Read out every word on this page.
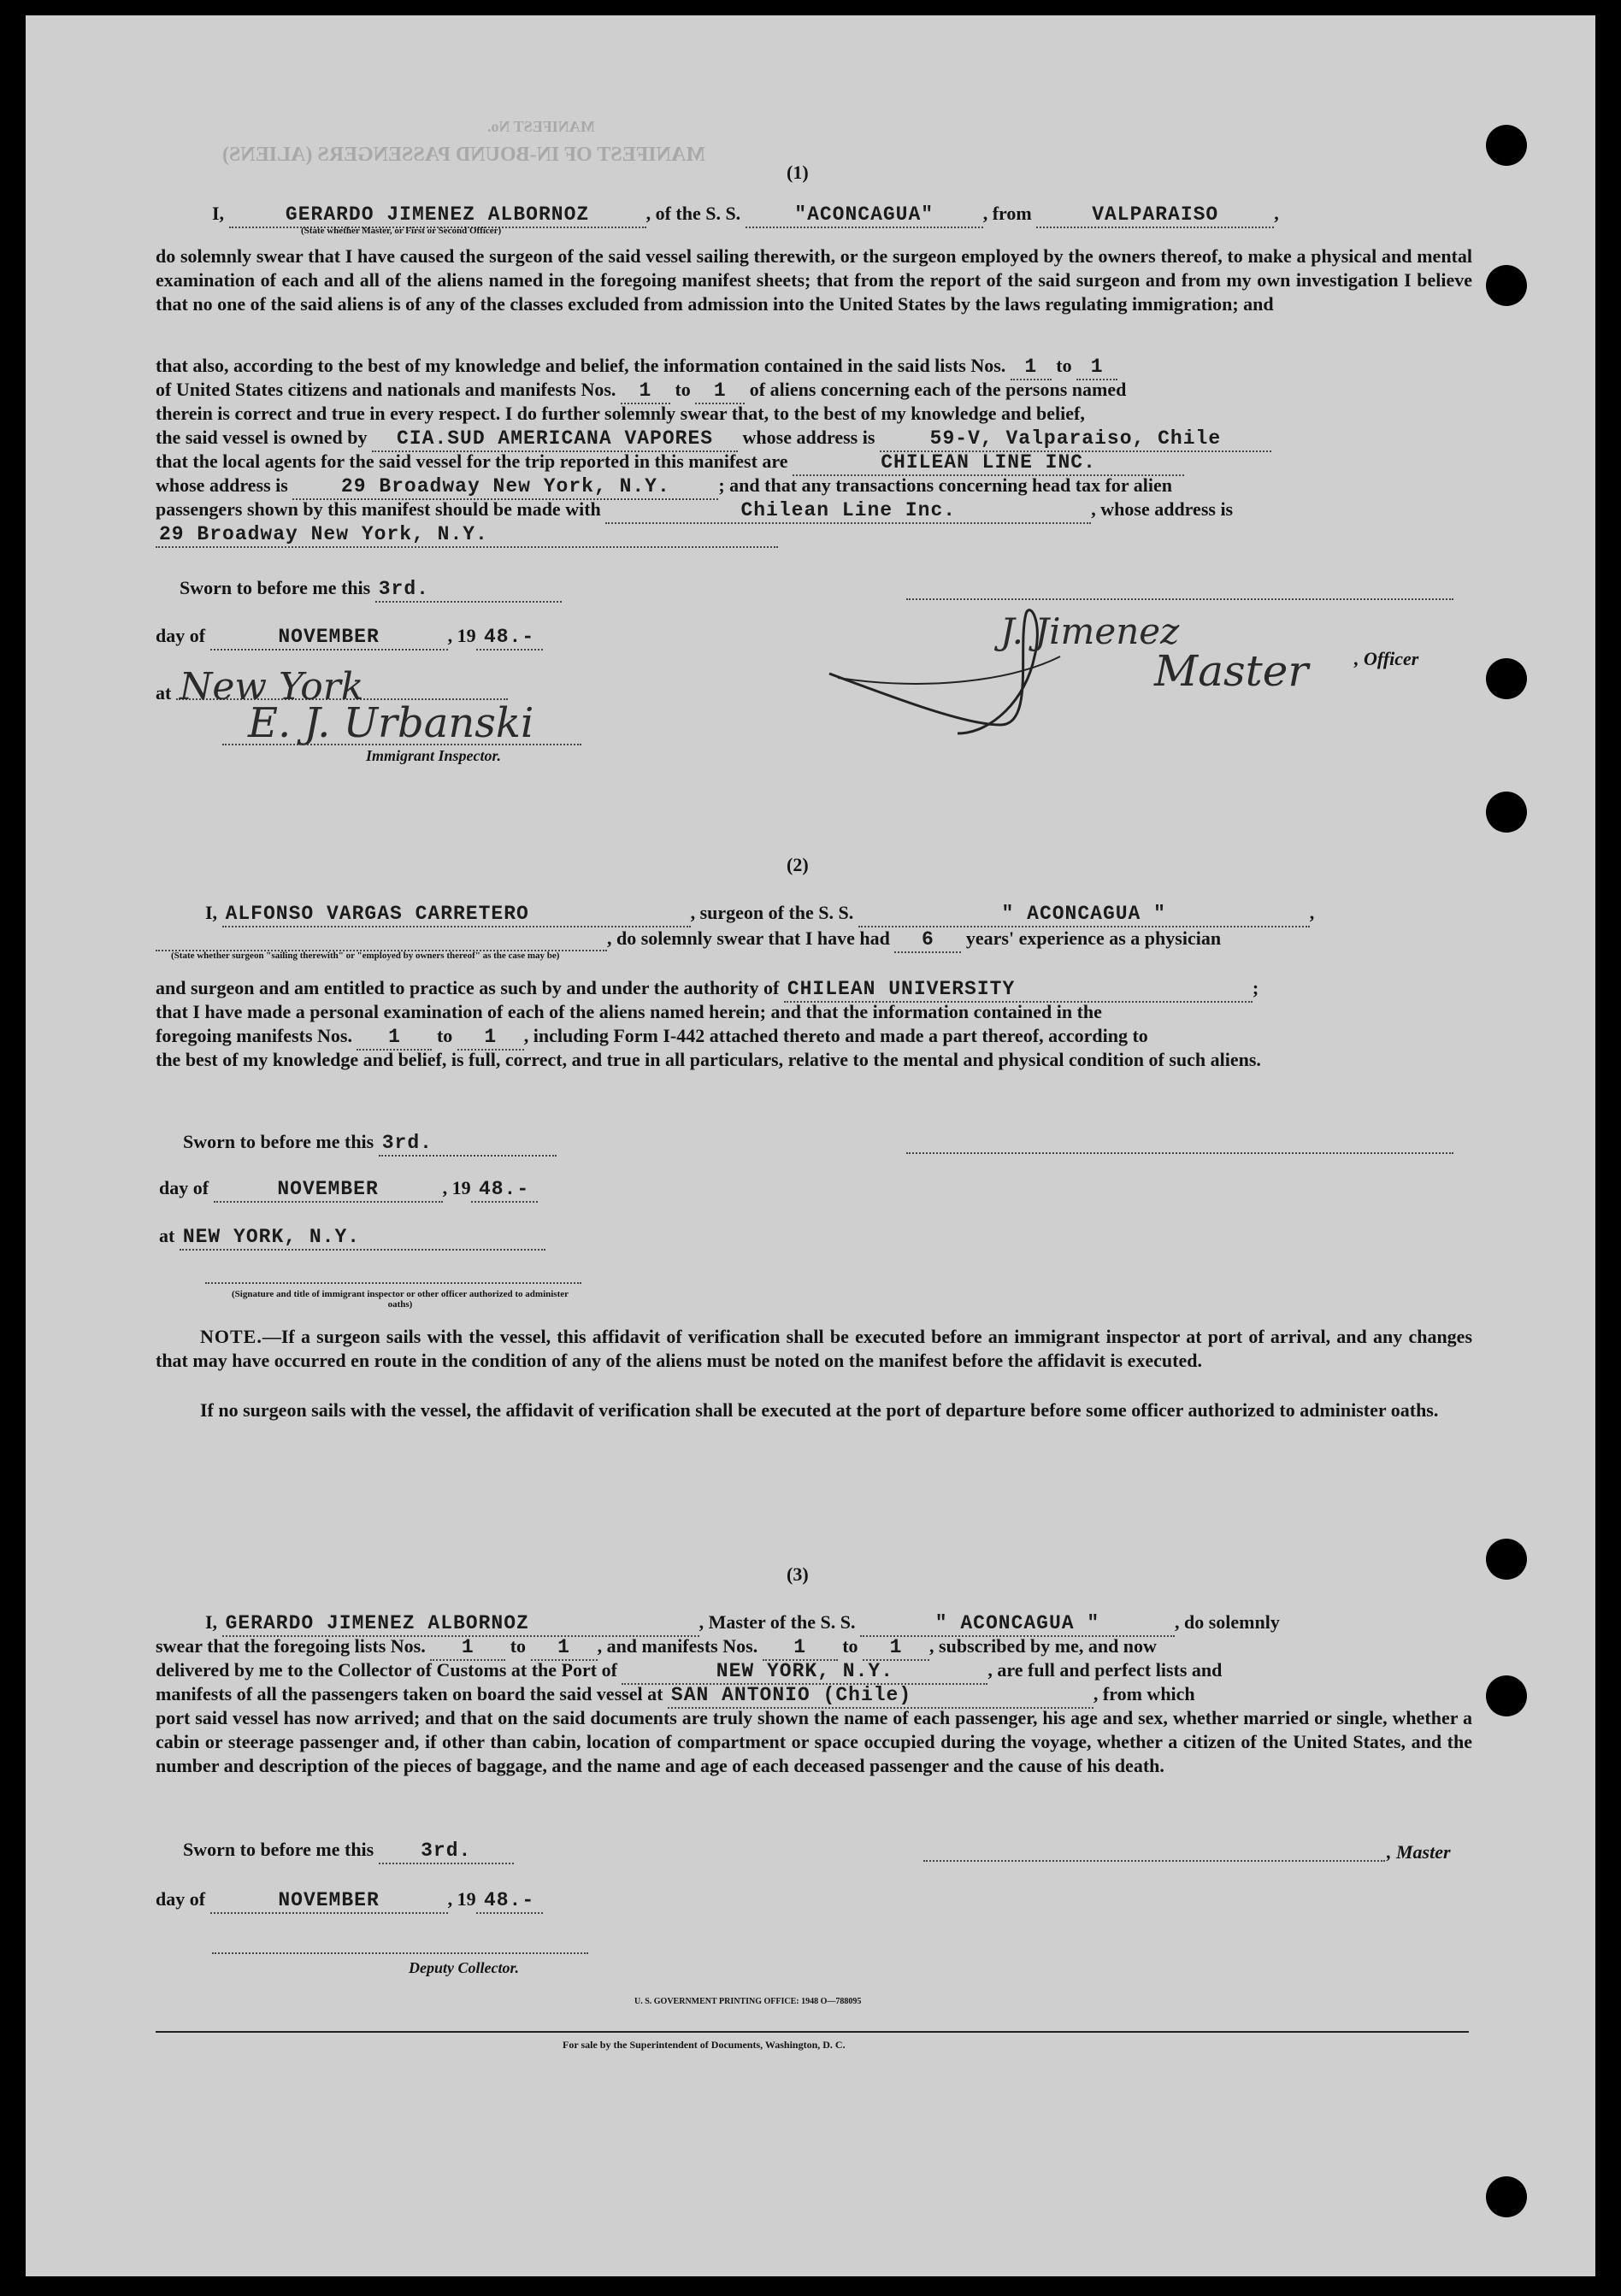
MANIFEST No.
MANIFEST OF IN-BOUND PASSENGERS (ALIENS)
(1)
I,	GERARDO JIMENEZ ALBORNOZ	, of the S. S.	"ACONCAGUA"	, from	VALPARAISO	,
(State whether Master, or First or Second Officer)
do solemnly swear that I have caused the surgeon of the said vessel sailing therewith, or the surgeon employed by the owners thereof, to make a physical and mental examination of each and all of the aliens named in the foregoing manifest sheets; that from the report of the said surgeon and from my own investigation I believe that no one of the said aliens is of any of the classes excluded from admission into the United States by the laws regulating immigration; and
that also, according to the best of my knowledge and belief, the information contained in the said lists Nos. 1 to 1
of United States citizens and nationals and manifests Nos. 1 to 1 of aliens concerning each of the persons named
therein is correct and true in every respect. I do further solemnly swear that, to the best of my knowledge and belief,
the said vessel is owned by CIA.SUD AMERICANA VAPORES whose address is	59-V, Valparaiso, Chile
that the local agents for the said vessel for the trip reported in this manifest are	CHILEAN LINE INC.
whose address is	29 Broadway New York, N.Y.	; and that any transactions concerning head tax for alien
passengers shown by this manifest should be made with	Chilean Line Inc.	, whose address is
29 Broadway New York, N.Y.
Sworn to before me this 3rd.
day of	NOVEMBER	, 19 48.-
at New York
E. J. Urbanski
Immigrant Inspector.
J. Jimenez
Master , Officer
(2)
I, ALFONSO VARGAS CARRETERO	, surgeon of the S. S.	" ACONCAGUA "	,
, do solemnly swear that I have had 6 years' experience as a physician
(State whether surgeon "sailing therewith" or "employed by owners thereof" as the case may be)
and surgeon and am entitled to practice as such by and under the authority of CHILEAN UNIVERSITY	;
that I have made a personal examination of each of the aliens named herein; and that the information contained in the
foregoing manifests Nos. 1 to 1 , including Form I-442 attached thereto and made a part thereof, according to
the best of my knowledge and belief, is full, correct, and true in all particulars, relative to the mental and physical condition of such aliens.
Sworn to before me this 3rd.
day of	NOVEMBER	, 19 48.-
at NEW YORK, N.Y.
(Signature and title of immigrant inspector or other officer authorized to administer oaths)
NOTE.—If a surgeon sails with the vessel, this affidavit of verification shall be executed before an immigrant inspector at port of arrival, and any changes that may have occurred en route in the condition of any of the aliens must be noted on the manifest before the affidavit is executed.
If no surgeon sails with the vessel, the affidavit of verification shall be executed at the port of departure before some officer authorized to administer oaths.
(3)
I, GERARDO JIMENEZ ALBORNOZ	, Master of the S. S.	" ACONCAGUA "	, do solemnly
swear that the foregoing lists Nos. 1 to 1 , and manifests Nos. 1 to 1 , subscribed by me, and now
delivered by me to the Collector of Customs at the Port of	NEW YORK, N.Y.	, are full and perfect lists and
manifests of all the passengers taken on board the said vessel at SAN ANTONIO (Chile)	, from which
port said vessel has now arrived; and that on the said documents are truly shown the name of each passenger, his age and sex, whether married or single, whether a cabin or steerage passenger and, if other than cabin, location of compartment or space occupied during the voyage, whether a citizen of the United States, and the number and description of the pieces of baggage, and the name and age of each deceased passenger and the cause of his death.
Sworn to before me this 3rd.	, Master
day of	NOVEMBER	, 19 48.-
Deputy Collector.
U. S. GOVERNMENT PRINTING OFFICE: 1948 O—788095
For sale by the Superintendent of Documents, Washington, D. C.
